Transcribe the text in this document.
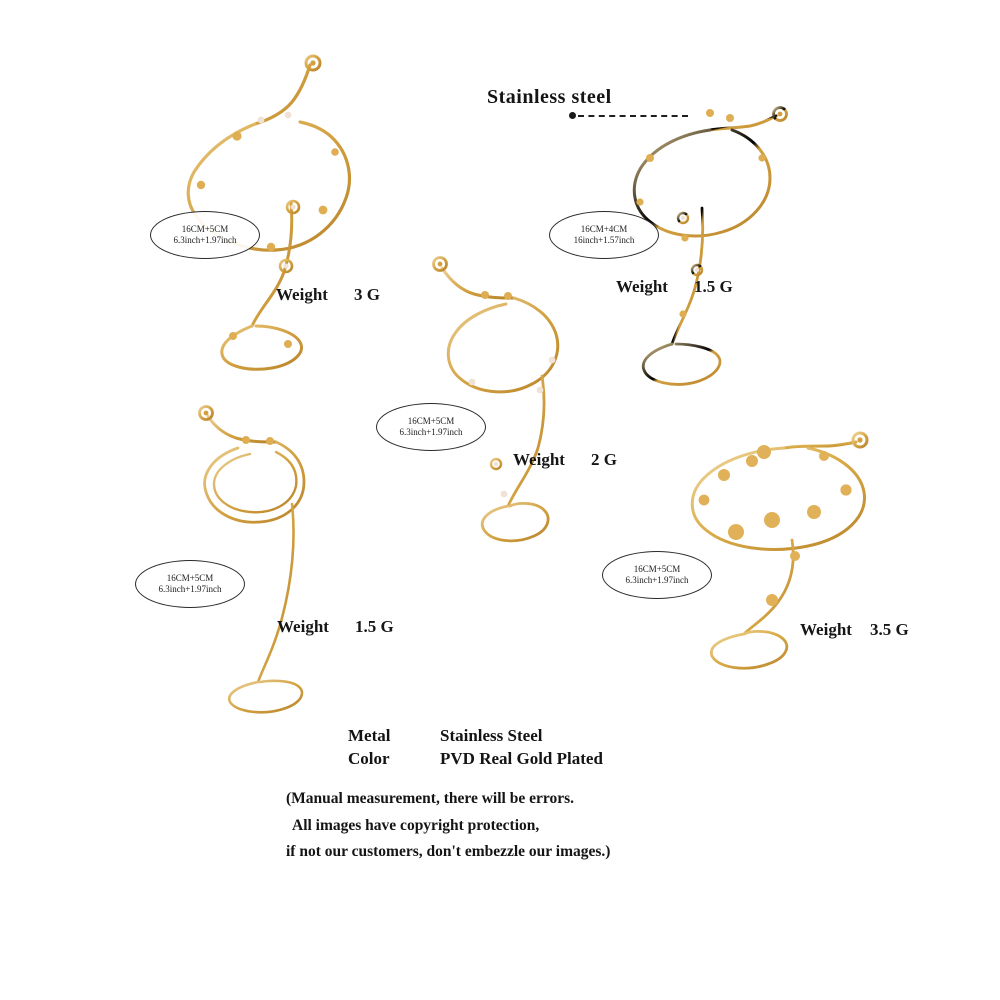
Stainless steel
16CM+5CM
6.3inch+1.97inch
16CM+4CM
16inch+1.57inch
16CM+5CM
6.3inch+1.97inch
16CM+5CM
6.3inch+1.97inch
16CM+5CM
6.3inch+1.97inch
Weight 3 G	Weight 1.5 G
Weight 2 G
Weight 1.5 G	Weight 3.5 G
Metal	Stainless Steel
Color	PVD Real Gold Plated
(Manual measurement, there will be errors.
All images have copyright protection,
if not our customers, don't embezzle our images.)
